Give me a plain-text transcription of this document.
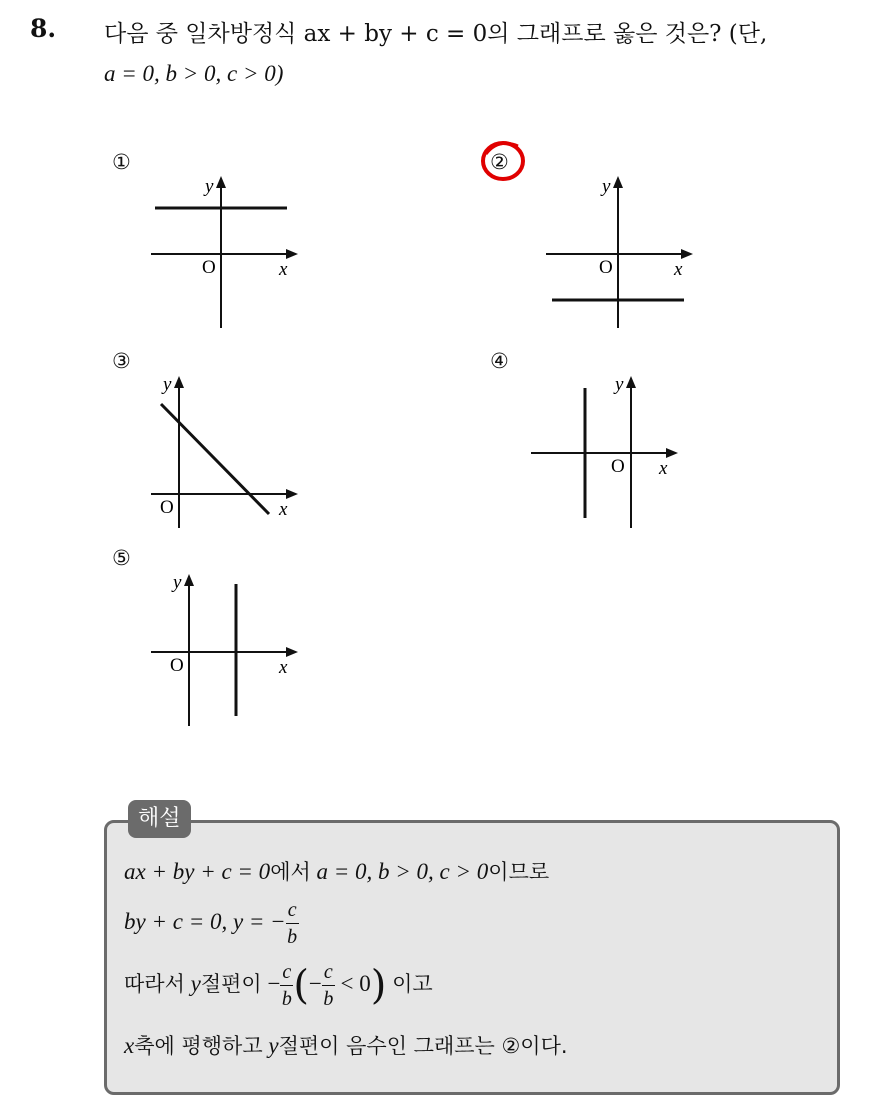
8. 다음 중 일차방정식 ax + by + c = 0의 그래프로 옳은 것은? (단,
a = 0, b > 0, c > 0)
①
y
O	x
②
y
O	x
③
y
O	x
④
y
O x
⑤
y
O	x
해설
ax + by + c = 0에서 a = 0, b > 0, c > 0이므로
by + c = 0, y = − $\frac{c}{b}$
따라서 y절편이 − $\frac{c}{b}$ (− $\frac{c}{b} < 0$) 이고
x축에 평행하고 y절편이 음수인 그래프는 ②이다.
